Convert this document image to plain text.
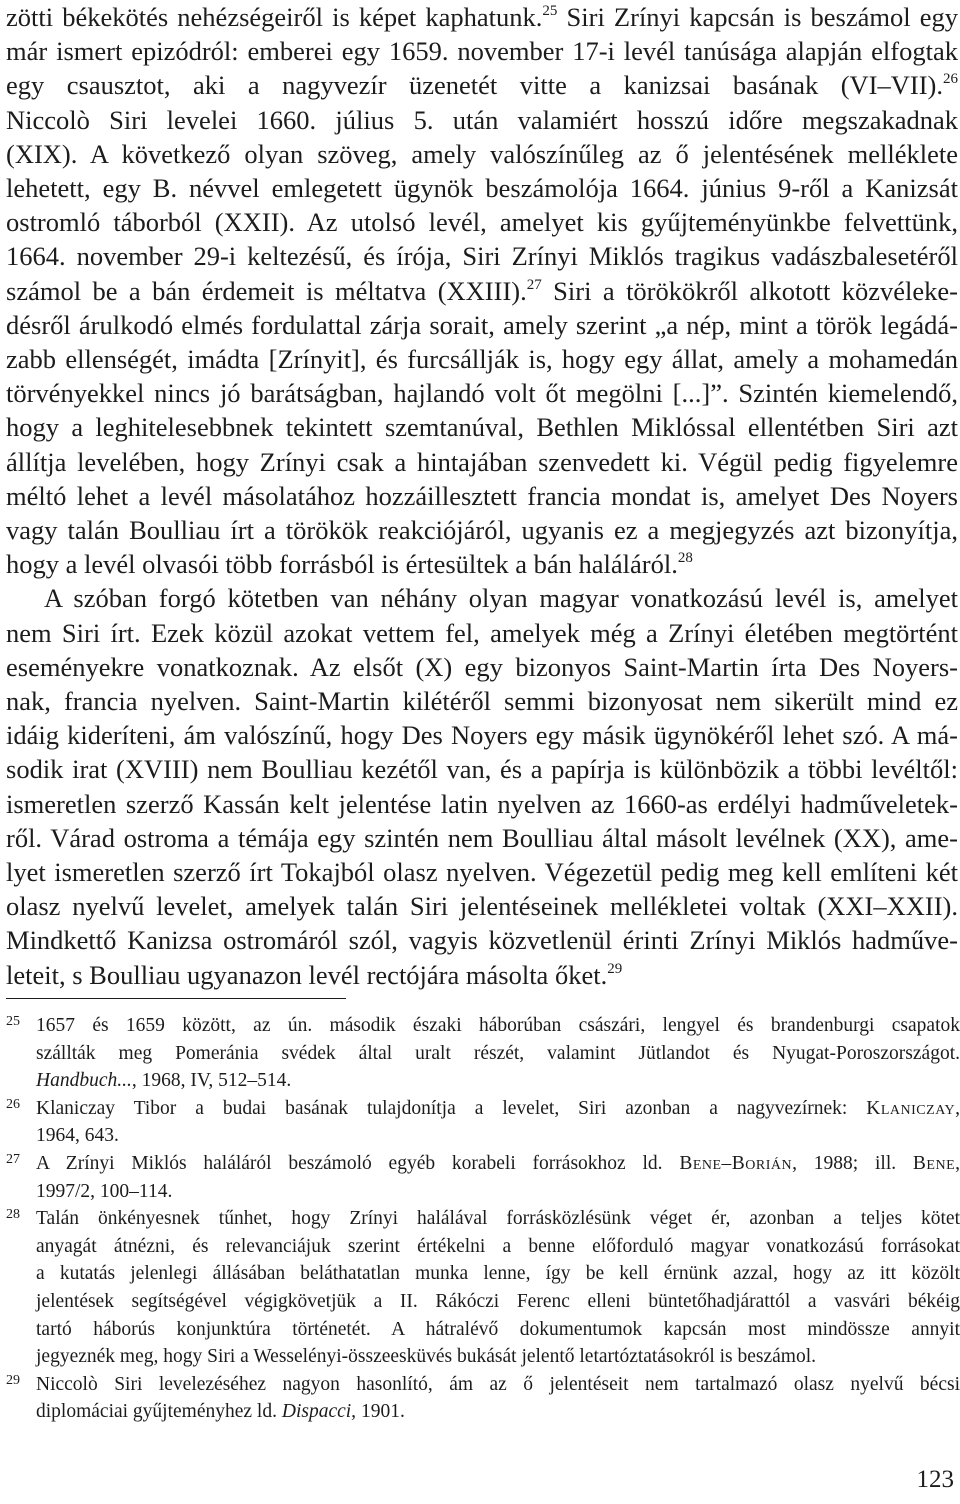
zötti békekötés nehézségeiről is képet kaphatunk.$^{25}$ Siri Zrínyi kapcsán is beszámol egy
már ismert epizódról: emberei egy 1659. november 17-i levél tanúsága alapján elfogtak
egy csausztot, aki a nagyvezír üzenetét vitte a kanizsai basának (VI–VII).$^{26}$
Niccolò Siri levelei 1660. július 5. után valamiért hosszú időre megszakadnak
(XIX). A következő olyan szöveg, amely valószínűleg az ő jelentésének melléklete
lehetett, egy B. névvel emlegetett ügynök beszámolója 1664. június 9-ről a Kanizsát
ostromló táborból (XXII). Az utolsó levél, amelyet kis gyűjteményünkbe felvettünk,
1664. november 29-i keltezésű, és írója, Siri Zrínyi Miklós tragikus vadászbalesetéről
számol be a bán érdemeit is méltatva (XXIII).$^{27}$ Siri a törökökről alkotott közvéleke-
désről árulkodó elmés fordulattal zárja sorait, amely szerint „a nép, mint a török legádá-
zabb ellenségét, imádta [Zrínyit], és furcsállják is, hogy egy állat, amely a mohamedán
törvényekkel nincs jó barátságban, hajlandó volt őt megölni [...]”. Szintén kiemelendő,
hogy a leghitelesebbnek tekintett szemtanúval, Bethlen Miklóssal ellentétben Siri azt
állítja levelében, hogy Zrínyi csak a hintajában szenvedett ki. Végül pedig figyelemre
méltó lehet a levél másolatához hozzáillesztett francia mondat is, amelyet Des Noyers
vagy talán Boulliau írt a törökök reakciójáról, ugyanis ez a megjegyzés azt bizonyítja,
hogy a levél olvasói több forrásból is értesültek a bán haláláról.$^{28}$
A szóban forgó kötetben van néhány olyan magyar vonatkozású levél is, amelyet
nem Siri írt. Ezek közül azokat vettem fel, amelyek még a Zrínyi életében megtörtént
eseményekre vonatkoznak. Az elsőt (X) egy bizonyos Saint-Martin írta Des Noyers-
nak, francia nyelven. Saint-Martin kilétéről semmi bizonyosat nem sikerült mind ez
idáig kideríteni, ám valószínű, hogy Des Noyers egy másik ügynökéről lehet szó. A má-
sodik irat (XVIII) nem Boulliau kezétől van, és a papírja is különbözik a többi levéltől:
ismeretlen szerző Kassán kelt jelentése latin nyelven az 1660-as erdélyi hadműveletek-
ről. Várad ostroma a témája egy szintén nem Boulliau által másolt levélnek (XX), ame-
lyet ismeretlen szerző írt Tokajból olasz nyelven. Végezetül pedig meg kell említeni két
olasz nyelvű levelet, amelyek talán Siri jelentéseinek mellékletei voltak (XXI–XXII).
Mindkettő Kanizsa ostromáról szól, vagyis közvetlenül érinti Zrínyi Miklós hadműve-
leteit, s Boulliau ugyanazon levél rectójára másolta őket.$^{29}$
25 1657 és 1659 között, az ún. második északi háborúban császári, lengyel és brandenburgi csapatok
szállták meg Pomeránia svédek által uralt részét, valamint Jütlandot és Nyugat-Poroszországot.
Handbuch..., 1968, IV, 512–514.
26 Klaniczay Tibor a budai basának tulajdonítja a levelet, Siri azonban a nagyvezírnek: Klaniczay,
1964, 643.
27 A Zrínyi Miklós haláláról beszámoló egyéb korabeli forrásokhoz ld. Bene–Borián, 1988; ill. Bene,
1997/2, 100–114.
28 Talán önkényesnek tűnhet, hogy Zrínyi halálával forrásközlésünk véget ér, azonban a teljes kötet
anyagát átnézni, és relevanciájuk szerint értékelni a benne előforduló magyar vonatkozású forrásokat
a kutatás jelenlegi állásában beláthatatlan munka lenne, így be kell érnünk azzal, hogy az itt közölt
jelentések segítségével végigkövetjük a II. Rákóczi Ferenc elleni büntetőhadjárattól a vasvári békéig
tartó háborús konjunktúra történetét. A hátralévő dokumentumok kapcsán most mindössze annyit
jegyeznék meg, hogy Siri a Wesselényi-összeesküvés bukását jelentő letartóztatásokról is beszámol.
29 Niccolò Siri levelezéséhez nagyon hasonlító, ám az ő jelentéseit nem tartalmazó olasz nyelvű bécsi
diplomáciai gyűjteményhez ld. Dispacci, 1901.
123
